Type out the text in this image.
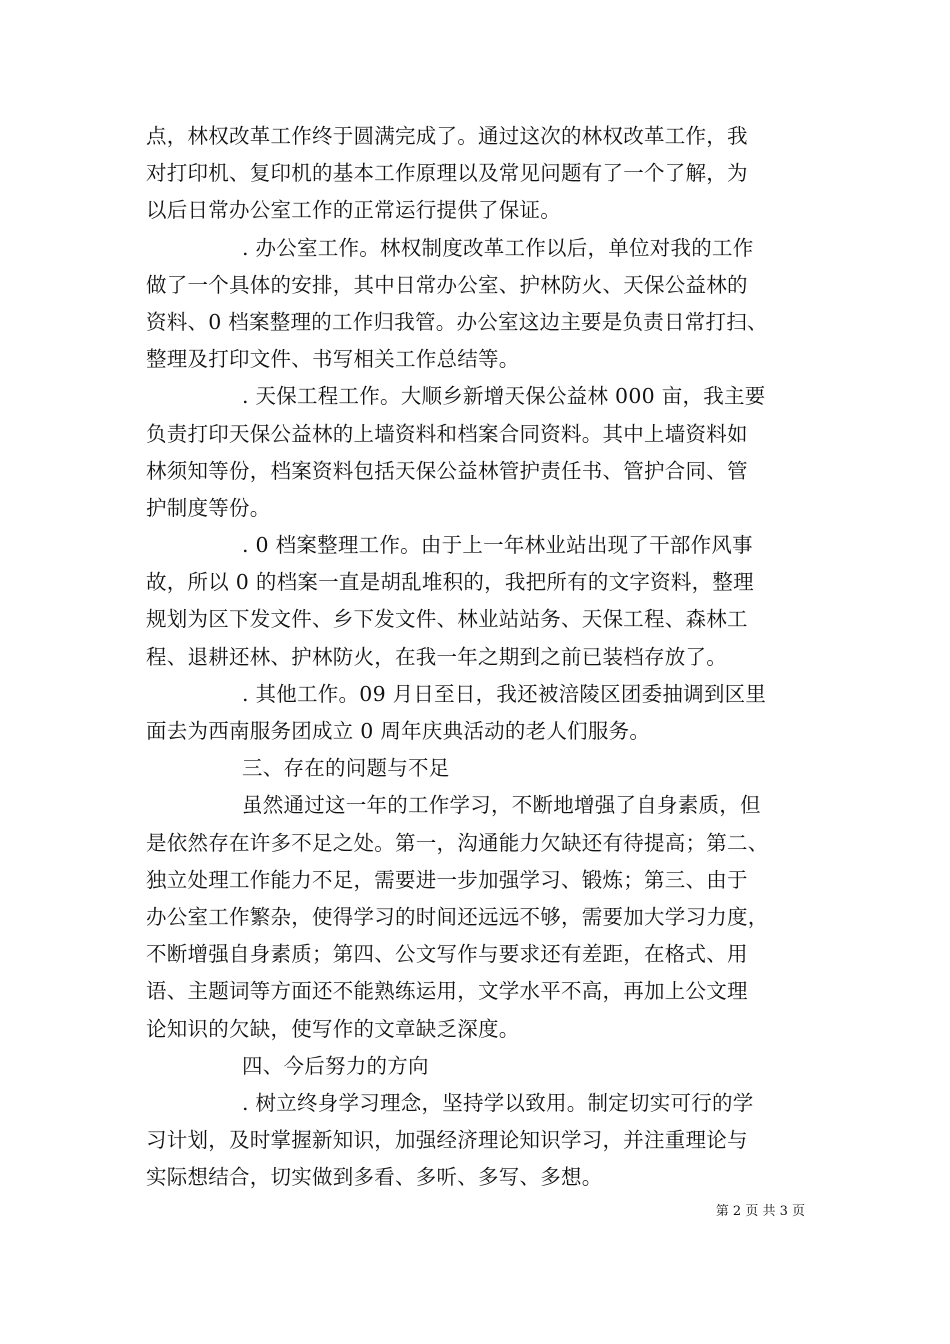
点，林权改革工作终于圆满完成了。通过这次的林权改革工作，我
对打印机、复印机的基本工作原理以及常见问题有了一个了解，为
以后日常办公室工作的正常运行提供了保证。
. 办公室工作。林权制度改革工作以后，单位对我的工作
做了一个具体的安排，其中日常办公室、护林防火、天保公益林的
资料、0 档案整理的工作归我管。办公室这边主要是负责日常打扫、
整理及打印文件、书写相关工作总结等。
. 天保工程工作。大顺乡新增天保公益林 000 亩，我主要
负责打印天保公益林的上墙资料和档案合同资料。其中上墙资料如
林须知等份，档案资料包括天保公益林管护责任书、管护合同、管
护制度等份。
. 0 档案整理工作。由于上一年林业站出现了干部作风事
故，所以 0 的档案一直是胡乱堆积的，我把所有的文字资料，整理
规划为区下发文件、乡下发文件、林业站站务、天保工程、森林工
程、退耕还林、护林防火，在我一年之期到之前已装档存放了。
. 其他工作。09 月日至日，我还被涪陵区团委抽调到区里
面去为西南服务团成立 0 周年庆典活动的老人们服务。
三、存在的问题与不足
虽然通过这一年的工作学习，不断地增强了自身素质，但
是依然存在许多不足之处。第一，沟通能力欠缺还有待提高；第二、
独立处理工作能力不足，需要进一步加强学习、锻炼；第三、由于
办公室工作繁杂，使得学习的时间还远远不够，需要加大学习力度，
不断增强自身素质；第四、公文写作与要求还有差距，在格式、用
语、主题词等方面还不能熟练运用，文学水平不高，再加上公文理
论知识的欠缺，使写作的文章缺乏深度。
四、今后努力的方向
. 树立终身学习理念，坚持学以致用。制定切实可行的学
习计划，及时掌握新知识，加强经济理论知识学习，并注重理论与
实际想结合，切实做到多看、多听、多写、多想。
第 2 页 共 3 页
